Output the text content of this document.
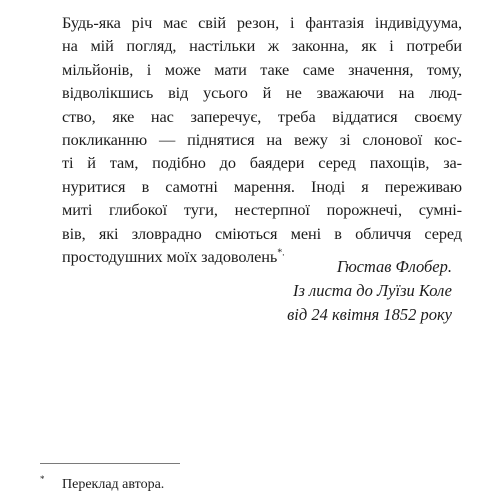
Будь-яка річ має свій резон, і фантазія індивідуума,
на мій погляд, настільки ж законна, як і потреби
мільйонів, і може мати таке саме значення, тому,
відволікшись від усього й не зважаючи на люд-
ство, яке нас заперечує, треба віддатися своєму
покликанню — піднятися на вежу зі слонової кос-
ті й там, подібно до баядери серед пахощів, за-
нуритися в самотні марення. Іноді я переживаю
миті глибокої туги, нестерпної порожнечі, сумні-
вів, які зловрадно сміються мені в обличчя серед
простодушних моїх задоволень*.
Гюстав Флобер.
Із листа до Луїзи Коле
від 24 квітня 1852 року
* Переклад автора.
